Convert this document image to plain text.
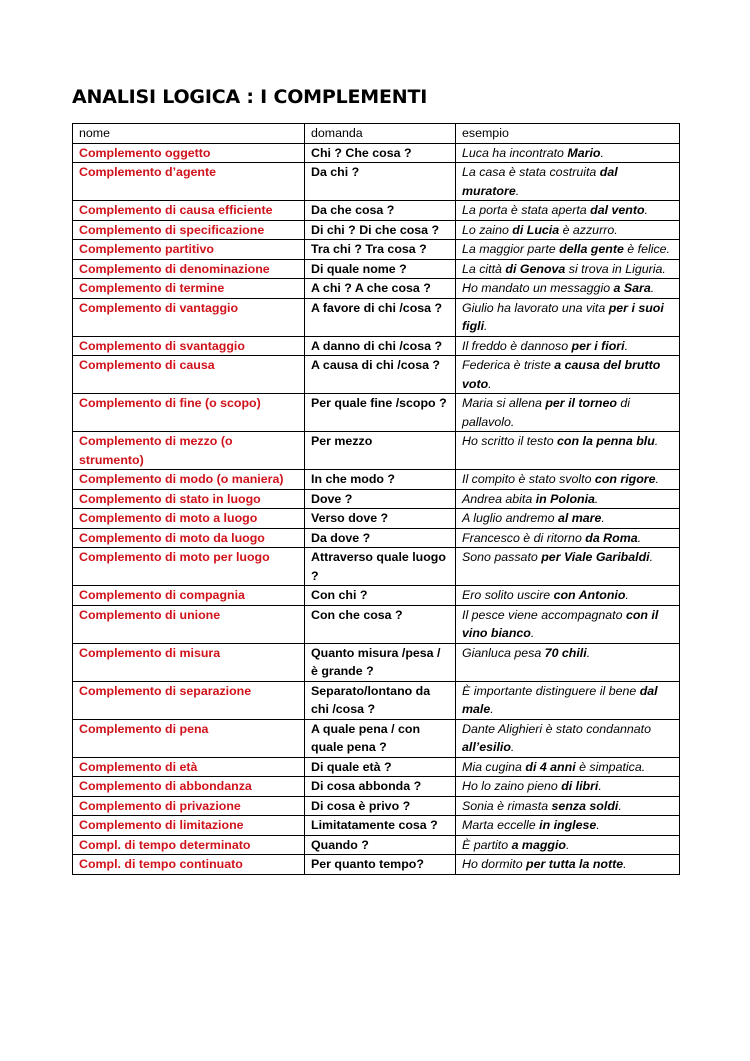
ANALISI LOGICA : I COMPLEMENTI
nome	domanda	esempio
Complemento oggetto	Chi ? Che cosa ?	Luca ha incontrato Mario.
Complemento d’agente	Da chi ?	La casa è stata costruita dal muratore.
Complemento di causa efficiente	Da che cosa ?	La porta è stata aperta dal vento.
Complemento di specificazione	Di chi ? Di che cosa ?	Lo zaino di Lucia è azzurro.
Complemento partitivo	Tra chi ? Tra cosa ?	La maggior parte della gente è felice.
Complemento di denominazione	Di quale nome ?	La città di Genova si trova in Liguria.
Complemento di termine	A chi ? A che cosa ?	Ho mandato un messaggio a Sara.
Complemento di vantaggio	A favore di chi /cosa ?	Giulio ha lavorato una vita per i suoi figli.
Complemento di svantaggio	A danno di chi /cosa ?	Il freddo è dannoso per i fiori.
Complemento di causa	A causa di chi /cosa ?	Federica è triste a causa del brutto voto.
Complemento di fine (o scopo)	Per quale fine /scopo ?	Maria si allena per il torneo di pallavolo.
Complemento di mezzo (o strumento)	Per mezzo	Ho scritto il testo con la penna blu.
Complemento di modo (o maniera)	In che modo ?	Il compito è stato svolto con rigore.
Complemento di stato in luogo	Dove ?	Andrea abita in Polonia.
Complemento di moto a luogo	Verso dove ?	A luglio andremo al mare.
Complemento di moto da luogo	Da dove ?	Francesco è di ritorno da Roma.
Complemento di moto per luogo	Attraverso quale luogo ?	Sono passato per Viale Garibaldi.
Complemento di compagnia	Con chi ?	Ero solito uscire con Antonio.
Complemento di unione	Con che cosa ?	Il pesce viene accompagnato con il vino bianco.
Complemento di misura	Quanto misura /pesa / è grande ?	Gianluca pesa 70 chili.
Complemento di separazione	Separato/lontano da chi /cosa ?	È importante distinguere il bene dal male.
Complemento di pena	A quale pena / con quale pena ?	Dante Alighieri è stato condannato all’esilio.
Complemento di età	Di quale età ?	Mia cugina di 4 anni è simpatica.
Complemento di abbondanza	Di cosa abbonda ?	Ho lo zaino pieno di libri.
Complemento di privazione	Di cosa è privo ?	Sonia è rimasta senza soldi.
Complemento di limitazione	Limitatamente cosa ?	Marta eccelle in inglese.
Compl. di tempo determinato	Quando ?	È partito a maggio.
Compl. di tempo continuato	Per quanto tempo?	Ho dormito per tutta la notte.
